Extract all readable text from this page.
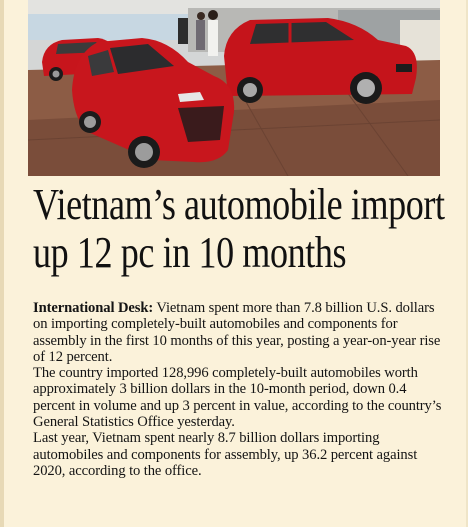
Vietnam’s automobile import
up 12 pc in 10 months

International Desk: Vietnam spent more than 7.8 billion U.S. dollars on importing completely-built automobiles and components for assembly in the first 10 months of this year, posting a year-on-year rise of 12 percent.

The country imported 128,996 completely-built automobiles worth approximately 3 billion dollars in the 10-month period, down 0.4 percent in volume and up 3 percent in value, according to the country’s General Statistics Office yesterday.

Last year, Vietnam spent nearly 8.7 billion dollars importing automobiles and components for assembly, up 36.2 percent against 2020, according to the office.
